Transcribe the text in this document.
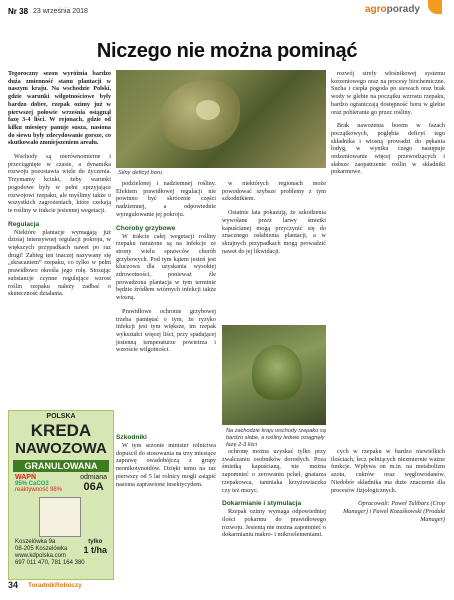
Nr 38 23 września 2018	agroporady
Niczego nie można pominąć

Tegoroczny sezon wyróżnia bardzo duża zmienność stanu plantacji w naszym kraju. Na wschodzie Polski, gdzie warunki wilgotnościowe były bardzo dobre, rzepak ozimy już w pierwszej połowie września osiągnął fazę 3-4 liści. W rejonach, gdzie od kilku miesięcy panuje susza, nasiona do siewu były zdecydowanie gorsze, co skutkowało zmniejszeniem areału.

Wschody są nierównomierne i przeciągnięte w czasie, a dynamika rozwoju pozostawia wiele do życzenia. Trzymamy kciuki, żeby warunki pogodowe były w pełni sprzyjające rozwojowi rzepaku, ale myślimy także o wszystkich zagrożeniach, które czekają te rośliny w trakcie jesiennej wegetacji.

Regulacja

Niektóre plantacje wymagają już dzisiaj intensywnej regulacji pokroju, w większych przypadkach nawet po raz drugi! Zabieg ten inaczej nazywany się „skracaniem” rzepaku, co tylko w pełni prawidłowo określa jego rolę. Stosując substancje czynne regulujące wzrost roślin rzepaku należy zadbać o skuteczność działania.

Silny deficyt boru

podzielonej i nadziemnej rośliny. Efektem prawidłowej regulacji nie powinno być skrócenie części nadziemnej, a odpowiednie wyregulowanie jej pokroju.

Choroby grzybowe

W trakcie całej wegetacji rośliny rzepaku narażone są na infekcje ze strony wielu sprawców chorób grzybowych. Pod tym kątem jesień jest kluczowa dla uzyskania wysokiej zdrowotności, ponieważ źle prowadzona plantacja w tym terminie będzie źródłem wtórnych infekcji także wiosną.

Prawidłowe ochronie grzybowej trzeba pamiętać o tym, że ryzyko infekcji jest tym większe, im rzepak wykształci więcej liści, przy spadającej jesienną temperaturze powietrza i wzroście wilgotności.

w niektórych regionach może powodować szybsze problemy z tym szkodnikiem.

Ostatnie lata pokazują, że szkodzenia wywołane przez larwy śmietki kapuścianej mogą przyczynić się do znacznego osłabienia plantacji, a w skrajnych przypadkach mogą prowadzić nawet do jej likwidacji.

Na zachodzie kraju wschody rzepaku są bardzo słabe, a rośliny ledwie osiągnęły fazę 2-3 liści
Szkodniki

W tym sezonie minister rolnictwa dopuścił do stosowania na trzy miesiące zaprawę owadobójczą z grupy neonikotynoidów. Dzięki temu na raz pierwszy od 5 lat rolnicy mogli zaiąpić nasiona zaprawione insektycydem.

ochronę można uzyskać tylko przy zwalczaniu osobników dorosłych. Poza śmietką kapuścianą, nie można zapomnieć o zerowaniu pcheł, gnatarza rzepakowca, tantniaka krzyżowiaczka czy też mszyc.

Dokarmianie i stymulacja

Rzepak ozimy wymaga odpowiedniej ilości pokarmu do prawidłowego rozwoju. Jesienią nie można zapomnieć o dokarmianiu makro- i mikroelementami.

rozwój strefy włośnikowej systemu korzeniowego oraz na procesy biochemiczne. Sucha i ciepła pogoda po siewach oraz brak wody w glebie na początku wzrostu rzepaku, bardzo ograniczają dostępność boru w glebie oraz pobieranie go przez rośliny.

Brak nawożenia borem w fazach początkowych, pogłębia deficyt tego składnika i wiosną prowadzi do pękania łodyg, w wyniku czego następuje ordzeniowanie więcej przewodzących i słabsze zaopatrzenie roślin w składniki pokarmowe.

cych w rzepaku w bardzo niewielkich ilościach, lecz pełniących niezmiernie ważne funkcje. Wpływa on m.in. na metabolizm azotu, cukrów oraz węglowodanów. Niedobór składnika ma duże znaczenie dla procesów fizjologicznych.

Opracowali: Paweł Tulibarz (Crop Manager) i Paweł Kozaśkowski (Produkt Manager)

POLSKA
KREDA
NAWOZOWA
GRANULOWANA
WAPŃ
95% CaCO3
reaktywność 98%
odmiana
06A
Koszelówka 9a
08-205 Koszelówka
www.kdpolska.com
697 011 470, 781 164 380
tylko
1 t/ha
34 ToradnikRolniczy
